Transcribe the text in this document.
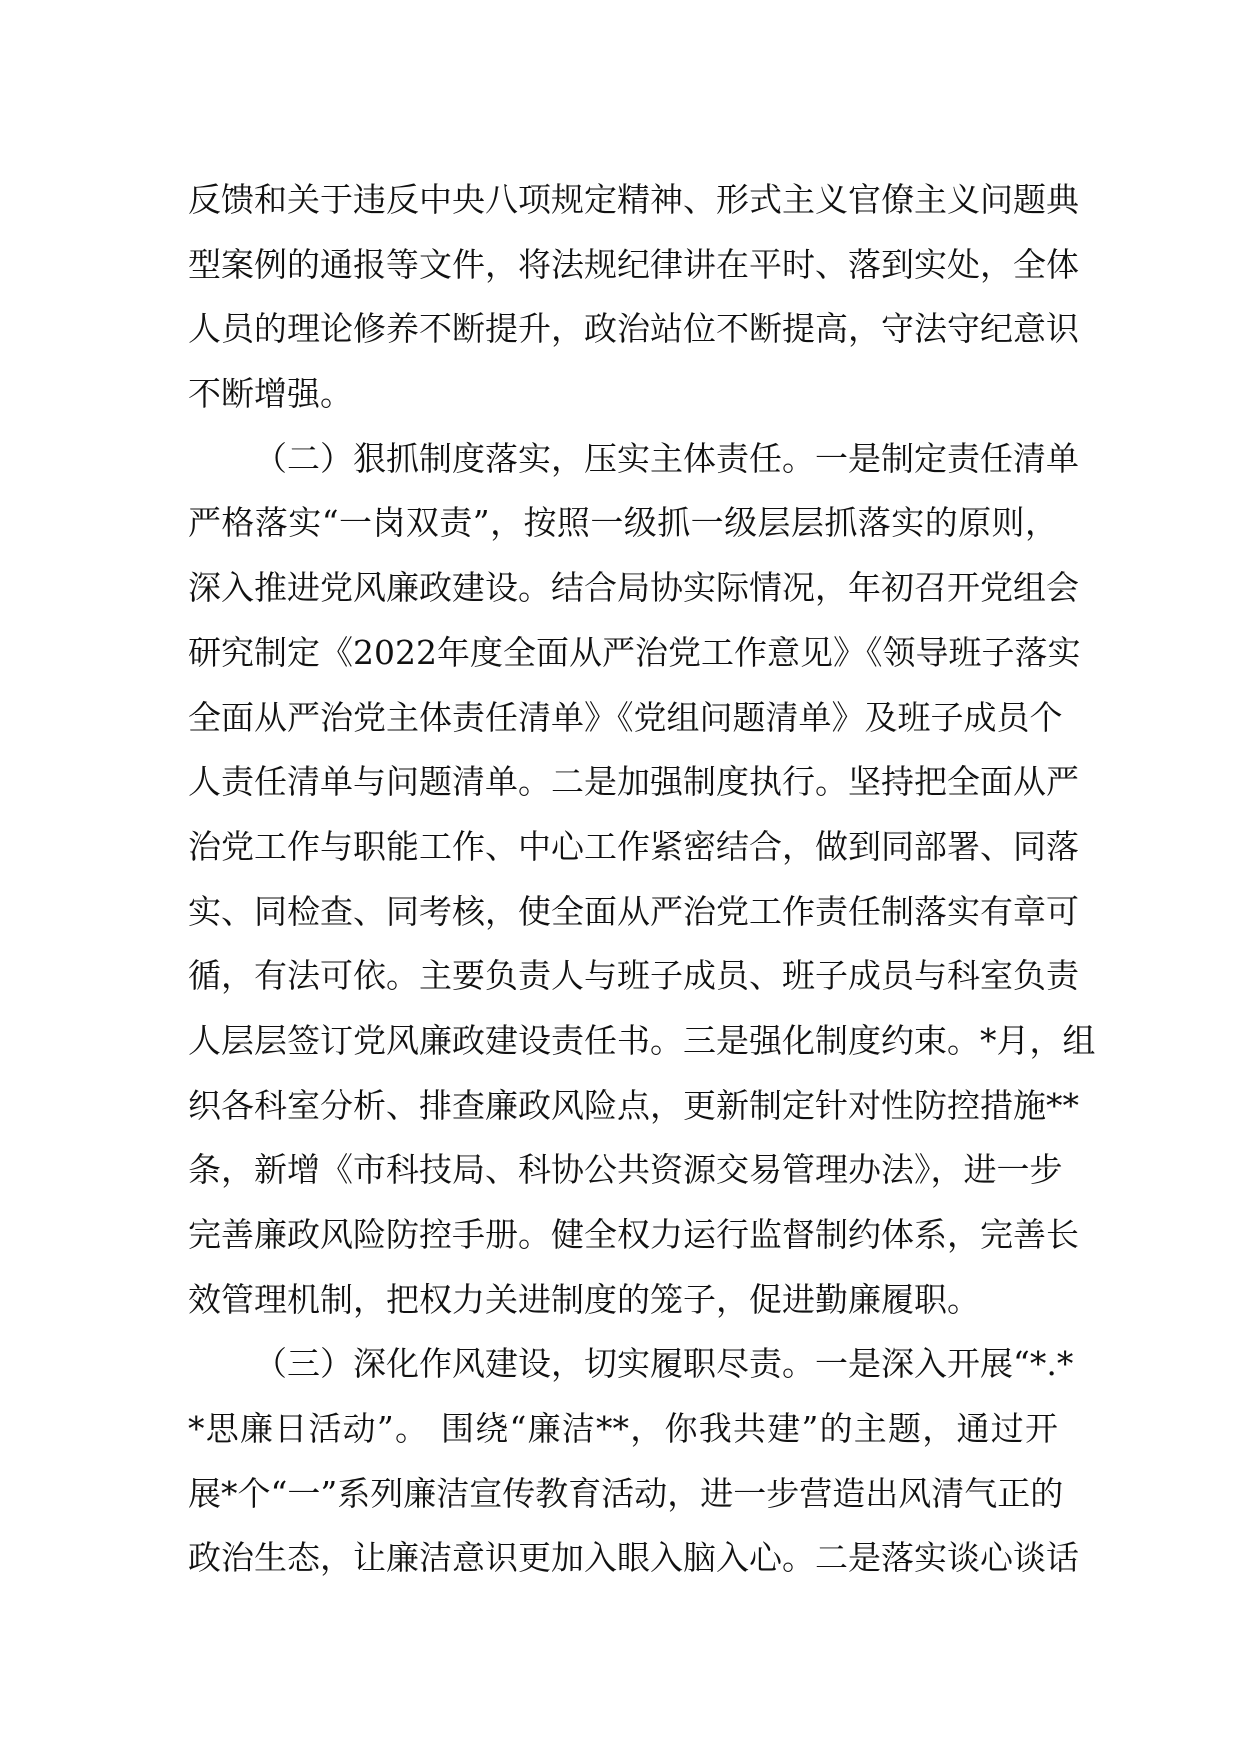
反馈和关于违反中央八项规定精神、形式主义官僚主义问题典
型案例的通报等文件，将法规纪律讲在平时、落到实处，全体
人员的理论修养不断提升，政治站位不断提高，守法守纪意识
不断增强。
（二）狠抓制度落实，压实主体责任。一是制定责任清单
严格落实“一岗双责”，按照一级抓一级层层抓落实的原则，
深入推进党风廉政建设。结合局协实际情况，年初召开党组会
研究制定《2022年度全面从严治党工作意见》《领导班子落实
全面从严治党主体责任清单》《党组问题清单》及班子成员个
人责任清单与问题清单。二是加强制度执行。坚持把全面从严
治党工作与职能工作、中心工作紧密结合，做到同部署、同落
实、同检查、同考核，使全面从严治党工作责任制落实有章可
循，有法可依。主要负责人与班子成员、班子成员与科室负责
人层层签订党风廉政建设责任书。三是强化制度约束。*月，组
织各科室分析、排查廉政风险点，更新制定针对性防控措施**
条，新增《市科技局、科协公共资源交易管理办法》，进一步
完善廉政风险防控手册。健全权力运行监督制约体系，完善长
效管理机制，把权力关进制度的笼子，促进勤廉履职。
（三）深化作风建设，切实履职尽责。一是深入开展“*.*
*思廉日活动”。 围绕“廉洁**，你我共建”的主题，通过开
展*个“一”系列廉洁宣传教育活动，进一步营造出风清气正的
政治生态，让廉洁意识更加入眼入脑入心。二是落实谈心谈话
